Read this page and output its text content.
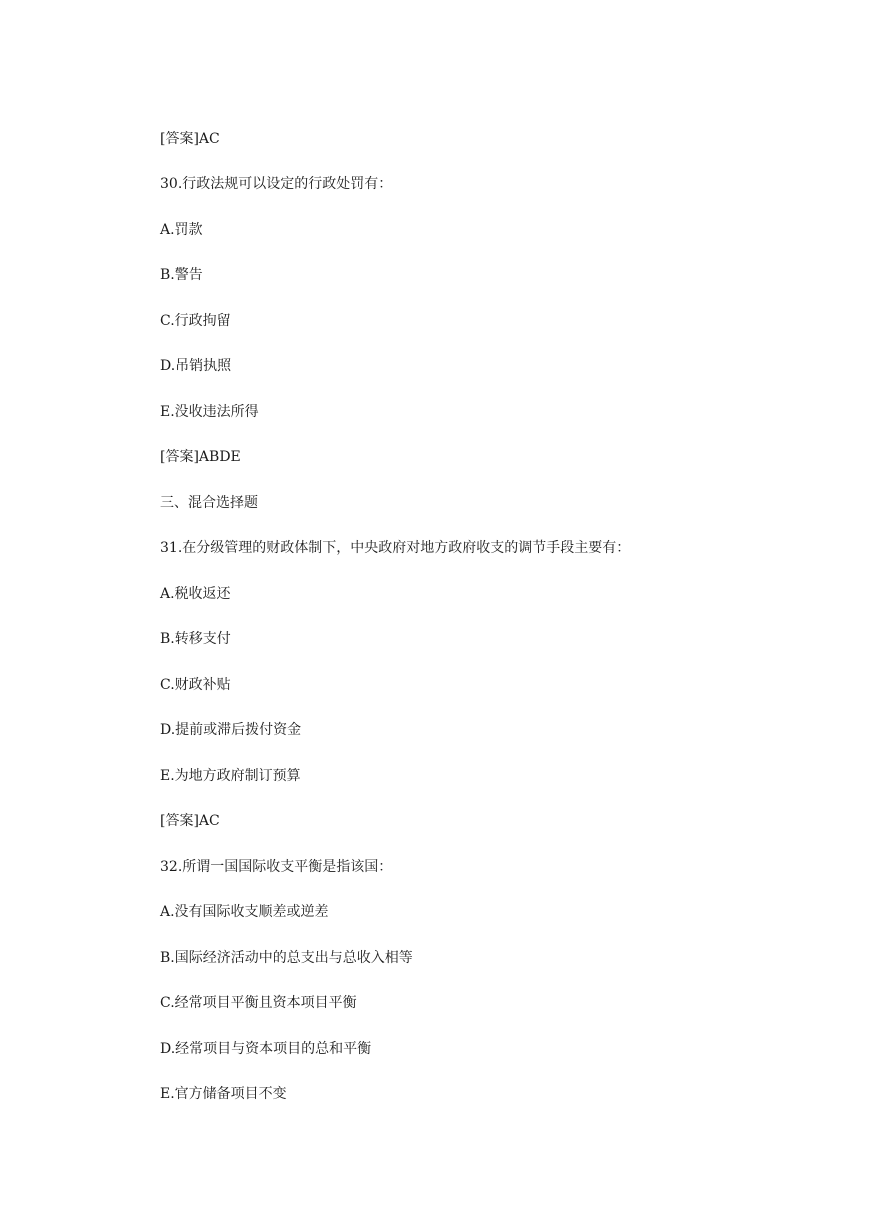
[答案]AC

30.行政法规可以设定的行政处罚有：

A.罚款

B.警告

C.行政拘留

D.吊销执照

E.没收违法所得

[答案]ABDE

三、混合选择题

31.在分级管理的财政体制下，中央政府对地方政府收支的调节手段主要有：

A.税收返还

B.转移支付

C.财政补贴

D.提前或滞后拨付资金

E.为地方政府制订预算

[答案]AC

32.所谓一国国际收支平衡是指该国：

A.没有国际收支顺差或逆差

B.国际经济活动中的总支出与总收入相等

C.经常项目平衡且资本项目平衡

D.经常项目与资本项目的总和平衡

E.官方储备项目不变
